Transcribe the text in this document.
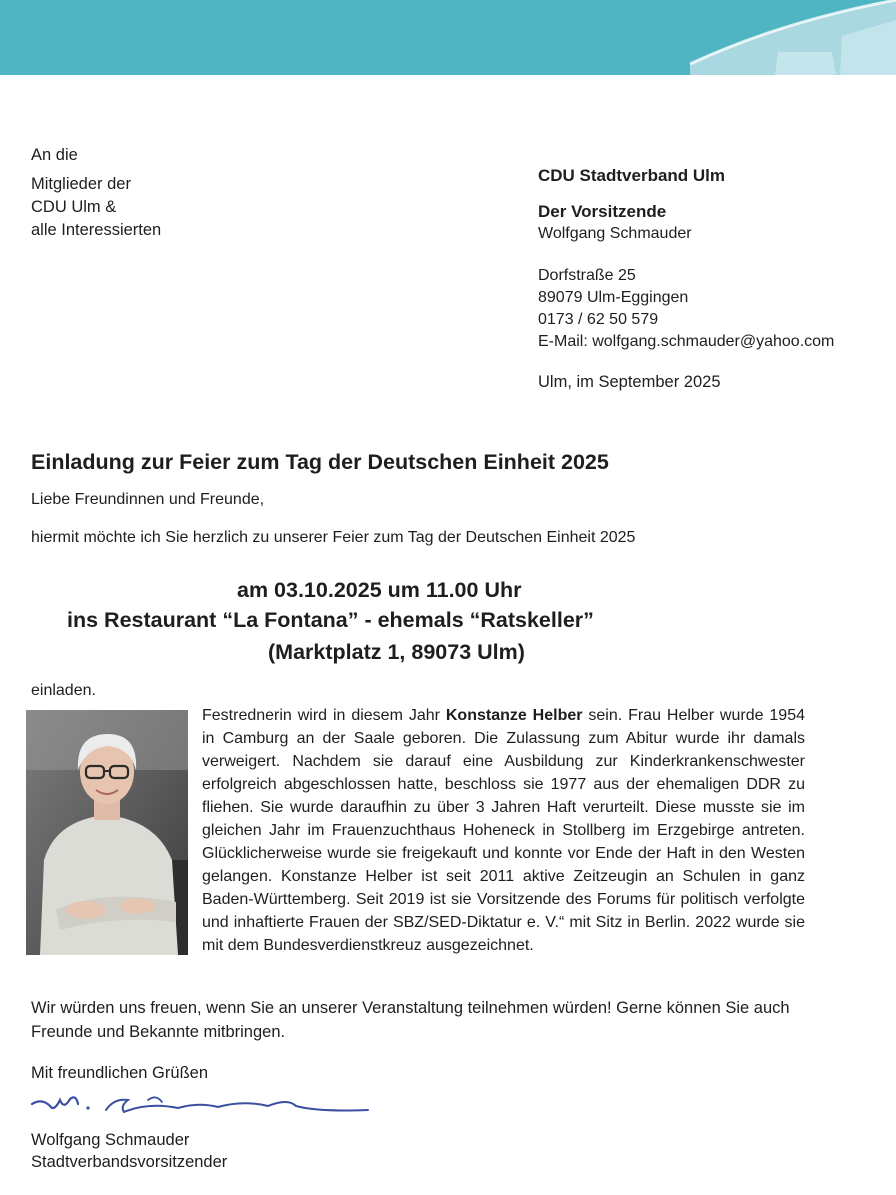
An die
Mitglieder der
CDU Ulm &
alle Interessierten
CDU Stadtverband Ulm
Der Vorsitzende
Wolfgang Schmauder
Dorfstraße 25
89079 Ulm-Eggingen
0173 / 62 50 579
E-Mail: wolfgang.schmauder@yahoo.com
Ulm, im September 2025
Einladung zur Feier zum Tag der Deutschen Einheit 2025
Liebe Freundinnen und Freunde,
hiermit möchte ich Sie herzlich zu unserer Feier zum Tag der Deutschen Einheit 2025
am 03.10.2025 um 11.00 Uhr
ins Restaurant “La Fontana” - ehemals “Ratskeller”
(Marktplatz 1, 89073 Ulm)
einladen.
Festrednerin wird in diesem Jahr Konstanze Helber sein. Frau Helber wurde 1954 in Camburg an der Saale geboren. Die Zulassung zum Abitur wurde ihr damals verweigert. Nachdem sie darauf eine Ausbildung zur Kinderkrankenschwester erfolgreich abgeschlossen hatte, beschloss sie 1977 aus der ehemaligen DDR zu fliehen. Sie wurde daraufhin zu über 3 Jahren Haft verurteilt. Diese musste sie im gleichen Jahr im Frauenzuchthaus Hoheneck in Stollberg im Erzgebirge antreten. Glücklicherweise wurde sie freigekauft und konnte vor Ende der Haft in den Westen gelangen. Konstanze Helber ist seit 2011 aktive Zeitzeugin an Schulen in ganz Baden-Württemberg. Seit 2019 ist sie Vorsitzende des Forums für politisch verfolgte und inhaftierte Frauen der SBZ/SED-Diktatur e. V.“ mit Sitz in Berlin. 2022 wurde sie mit dem Bundesverdienstkreuz ausgezeichnet.
Wir würden uns freuen, wenn Sie an unserer Veranstaltung teilnehmen würden! Gerne können Sie auch Freunde und Bekannte mitbringen.
Mit freundlichen Grüßen
Wolfgang Schmauder
Stadtverbandsvorsitzender
